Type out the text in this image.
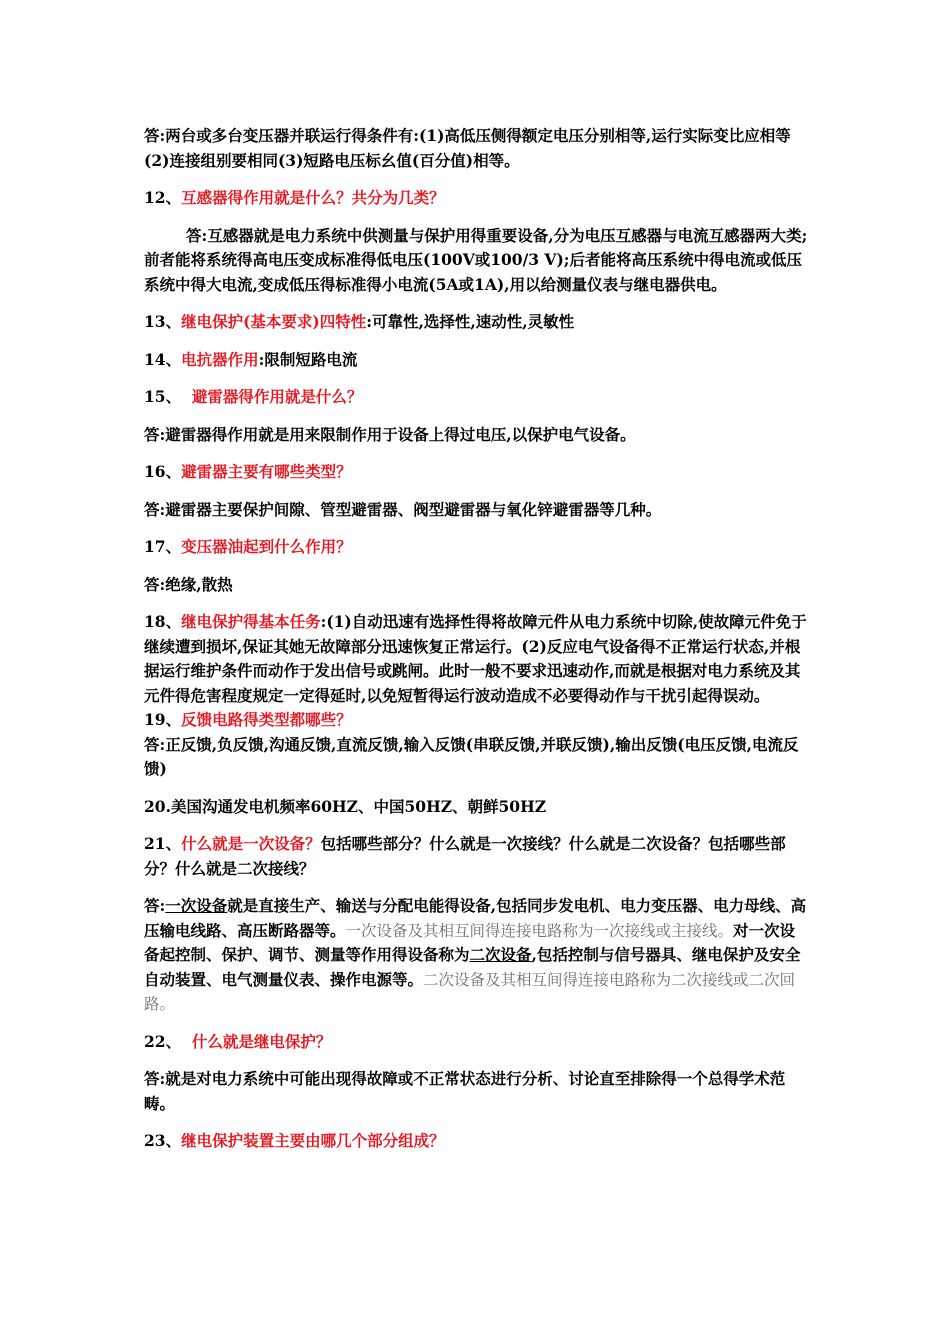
答:两台或多台变压器并联运行得条件有:(1)高低压侧得额定电压分别相等,运行实际变比应相等(2)连接组别要相同(3)短路电压标幺值(百分值)相等。

12、互感器得作用就是什么？共分为几类？

答:互感器就是电力系统中供测量与保护用得重要设备,分为电压互感器与电流互感器两大类;前者能将系统得高电压变成标准得低电压(100V或100/3 V);后者能将高压系统中得电流或低压系统中得大电流,变成低压得标准得小电流(5A或1A),用以给测量仪表与继电器供电。

13、继电保护(基本要求)四特性:可靠性,选择性,速动性,灵敏性

14、电抗器作用:限制短路电流

15、 避雷器得作用就是什么？

答:避雷器得作用就是用来限制作用于设备上得过电压,以保护电气设备。

16、避雷器主要有哪些类型？

答:避雷器主要保护间隙、管型避雷器、阀型避雷器与氧化锌避雷器等几种。

17、变压器油起到什么作用？

答:绝缘,散热

18、继电保护得基本任务:(1)自动迅速有选择性得将故障元件从电力系统中切除,使故障元件免于继续遭到损坏,保证其她无故障部分迅速恢复正常运行。(2)反应电气设备得不正常运行状态,并根据运行维护条件而动作于发出信号或跳闸。此时一般不要求迅速动作,而就是根据对电力系统及其元件得危害程度规定一定得延时,以免短暂得运行波动造成不必要得动作与干扰引起得误动。

19、反馈电路得类型都哪些？

答:正反馈,负反馈,沟通反馈,直流反馈,输入反馈(串联反馈,并联反馈),输出反馈(电压反馈,电流反馈)

20.美国沟通发电机频率60HZ、中国50HZ、朝鲜50HZ

21、什么就是一次设备？包括哪些部分？什么就是一次接线？什么就是二次设备？包括哪些部分？什么就是二次接线？

答:一次设备就是直接生产、输送与分配电能得设备,包括同步发电机、电力变压器、电力母线、高压输电线路、高压断路器等。一次设备及其相互间得连接电路称为一次接线或主接线。对一次设备起控制、保护、调节、测量等作用得设备称为二次设备,包括控制与信号器具、继电保护及安全自动装置、电气测量仪表、操作电源等。二次设备及其相互间得连接电路称为二次接线或二次回路。

22、 什么就是继电保护？

答:就是对电力系统中可能出现得故障或不正常状态进行分析、讨论直至排除得一个总得学术范畴。

23、继电保护装置主要由哪几个部分组成？
